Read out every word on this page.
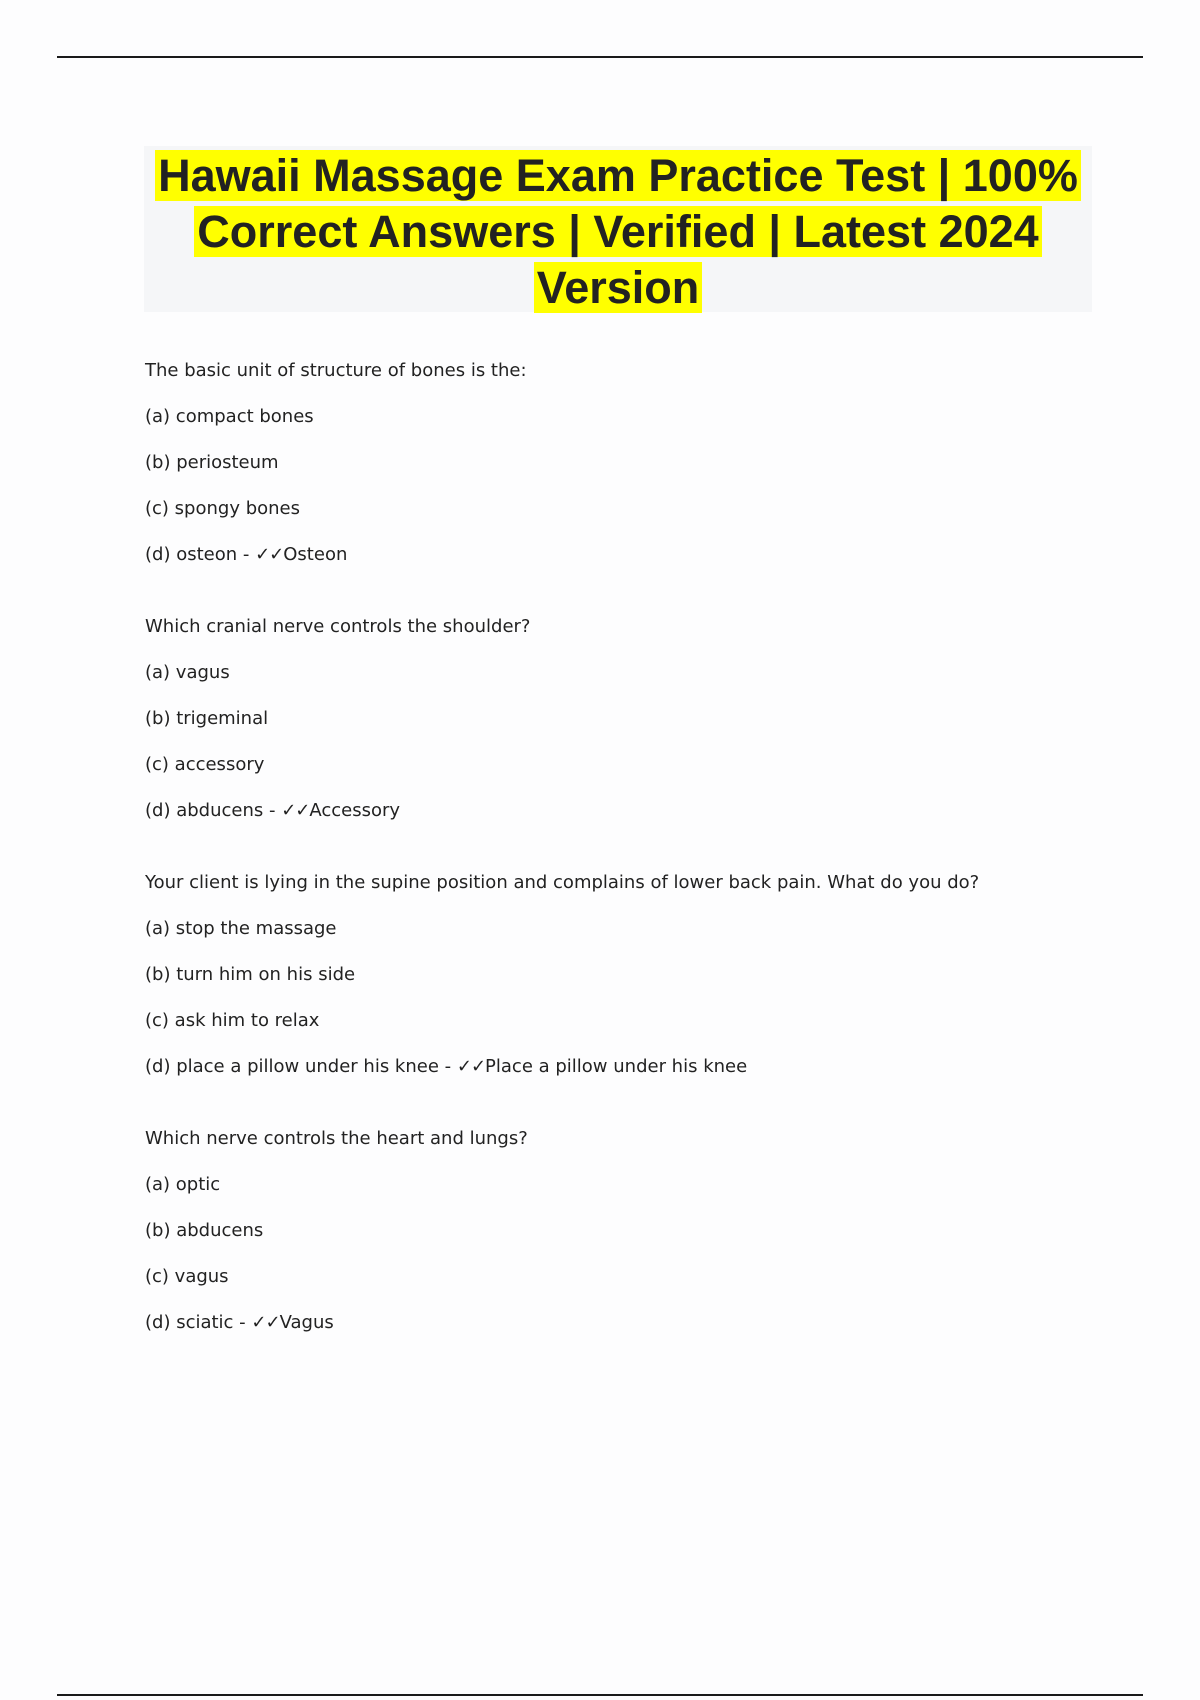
Hawaii Massage Exam Practice Test | 100% Correct Answers | Verified | Latest 2024 Version
The basic unit of structure of bones is the:
(a) compact bones
(b) periosteum
(c) spongy bones
(d) osteon - ✓✓Osteon
Which cranial nerve controls the shoulder?
(a) vagus
(b) trigeminal
(c) accessory
(d) abducens - ✓✓Accessory
Your client is lying in the supine position and complains of lower back pain. What do you do?
(a) stop the massage
(b) turn him on his side
(c) ask him to relax
(d) place a pillow under his knee - ✓✓Place a pillow under his knee
Which nerve controls the heart and lungs?
(a) optic
(b) abducens
(c) vagus
(d) sciatic - ✓✓Vagus
